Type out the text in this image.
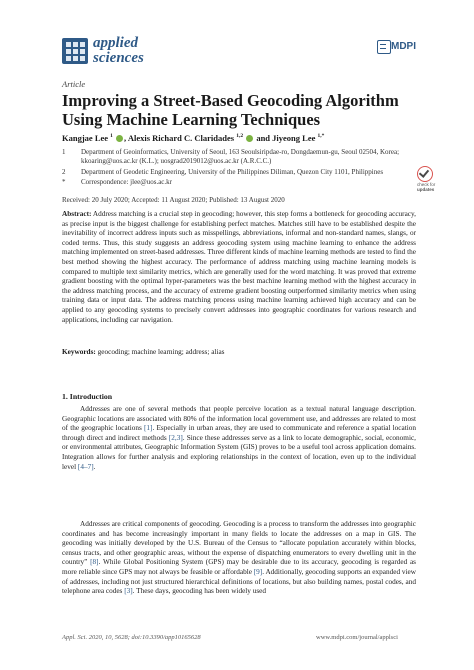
applied
sciences
MDPI
Article
Improving a Street-Based Geocoding Algorithm Using Machine Learning Techniques
Kangjae Lee $^1$ , Alexis Richard C. Claridades $^{1,2}$  and Jiyeong Lee $^{1,*}$
1	Department of Geoinformatics, University of Seoul, 163 Seoulsiripdae-ro, Dongdaemun-gu, Seoul 02504, Korea; kkoaring@uos.ac.kr (K.L.); uosgrad2019012@uos.ac.kr (A.R.C.C.)
2	Department of Geodetic Engineering, University of the Philippines Diliman, Quezon City 1101, Philippines
*	Correspondence: jlee@uos.ac.kr	check for
updates
Received: 20 July 2020; Accepted: 11 August 2020; Published: 13 August 2020
Abstract: Address matching is a crucial step in geocoding; however, this step forms a bottleneck for geocoding accuracy, as precise input is the biggest challenge for establishing perfect matches. Matches still have to be established despite the inevitability of incorrect address inputs such as misspellings, abbreviations, informal and non-standard names, slangs, or coded terms. Thus, this study suggests an address geocoding system using machine learning to enhance the address matching implemented on street-based addresses. Three different kinds of machine learning methods are tested to find the best method showing the highest accuracy. The performance of address matching using machine learning models is compared to multiple text similarity metrics, which are generally used for the word matching. It was proved that extreme gradient boosting with the optimal hyper-parameters was the best machine learning method with the highest accuracy in the address matching process, and the accuracy of extreme gradient boosting outperformed similarity metrics when using training data or input data. The address matching process using machine learning achieved high accuracy and can be applied to any geocoding systems to precisely convert addresses into geographic coordinates for various research and applications, including car navigation.
Keywords: geocoding; machine learning; address; alias
1. Introduction
Addresses are one of several methods that people perceive location as a textual natural language description. Geographic locations are associated with 80% of the information local government use, and addresses are related to most of the geographic locations [1]. Especially in urban areas, they are used to communicate and reference a spatial location through direct and indirect methods [2,3]. Since these addresses serve as a link to locate demographic, social, economic, or environmental attributes, Geographic Information System (GIS) proves to be a useful tool across application domains. Integration allows for further analysis and exploring relationships in the context of location, even up to the individual level [4–7].
Addresses are critical components of geocoding. Geocoding is a process to transform the addresses into geographic coordinates and has become increasingly important in many fields to locate the addresses on a map in GIS. The geocoding was initially developed by the U.S. Bureau of the Census to “allocate population accurately within blocks, census tracts, and other geographic areas, without the expense of dispatching enumerators to every dwelling unit in the country” [8]. While Global Positioning System (GPS) may be desirable due to its accuracy, geocoding is regarded as more reliable since GPS may not always be feasible or affordable [9]. Additionally, geocoding supports an expanded view of addresses, including not just structured hierarchical definitions of locations, but also building names, postal codes, and telephone area codes [3]. These days, geocoding has been widely used
Appl. Sci. 2020, 10, 5628; doi:10.3390/app10165628	www.mdpi.com/journal/applsci
